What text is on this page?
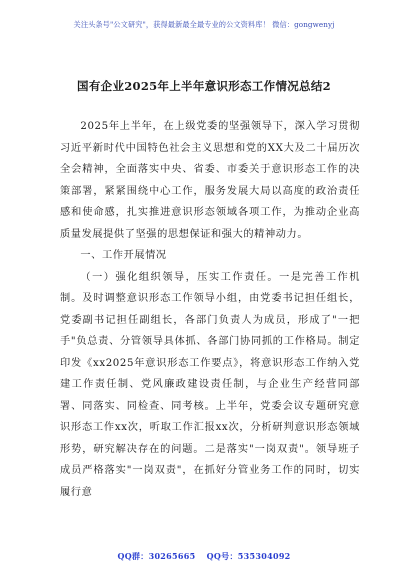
关注头条号"公文研究"，获得最新最全最专业的公文资料库！ 微信：gongwenyj
国有企业2025年上半年意识形态工作情况总结2

2025年上半年，在上级党委的坚强领导下，深入学习贯彻习近平新时代中国特色社会主义思想和党的XX大及二十届历次全会精神，全面落实中央、省委、市委关于意识形态工作的决策部署，紧紧围绕中心工作，服务发展大局以高度的政治责任感和使命感，扎实推进意识形态领域各项工作，为推动企业高质量发展提供了坚强的思想保证和强大的精神动力。

一、工作开展情况

（一）强化组织领导，压实工作责任。一是完善工作机制。及时调整意识形态工作领导小组，由党委书记担任组长，党委副书记担任副组长，各部门负责人为成员，形成了"一把手"负总责、分管领导具体抓、各部门协同抓的工作格局。制定印发《xx2025年意识形态工作要点》，将意识形态工作纳入党建工作责任制、党风廉政建设责任制，与企业生产经营同部署、同落实、同检查、同考核。上半年，党委会议专题研究意识形态工作xx次，听取工作汇报xx次，分析研判意识形态领域形势，研究解决存在的问题。二是落实"一岗双责"。领导班子成员严格落实"一岗双责"，在抓好分管业务工作的同时，切实履行意

QQ群：30265665 QQ号：535304092
